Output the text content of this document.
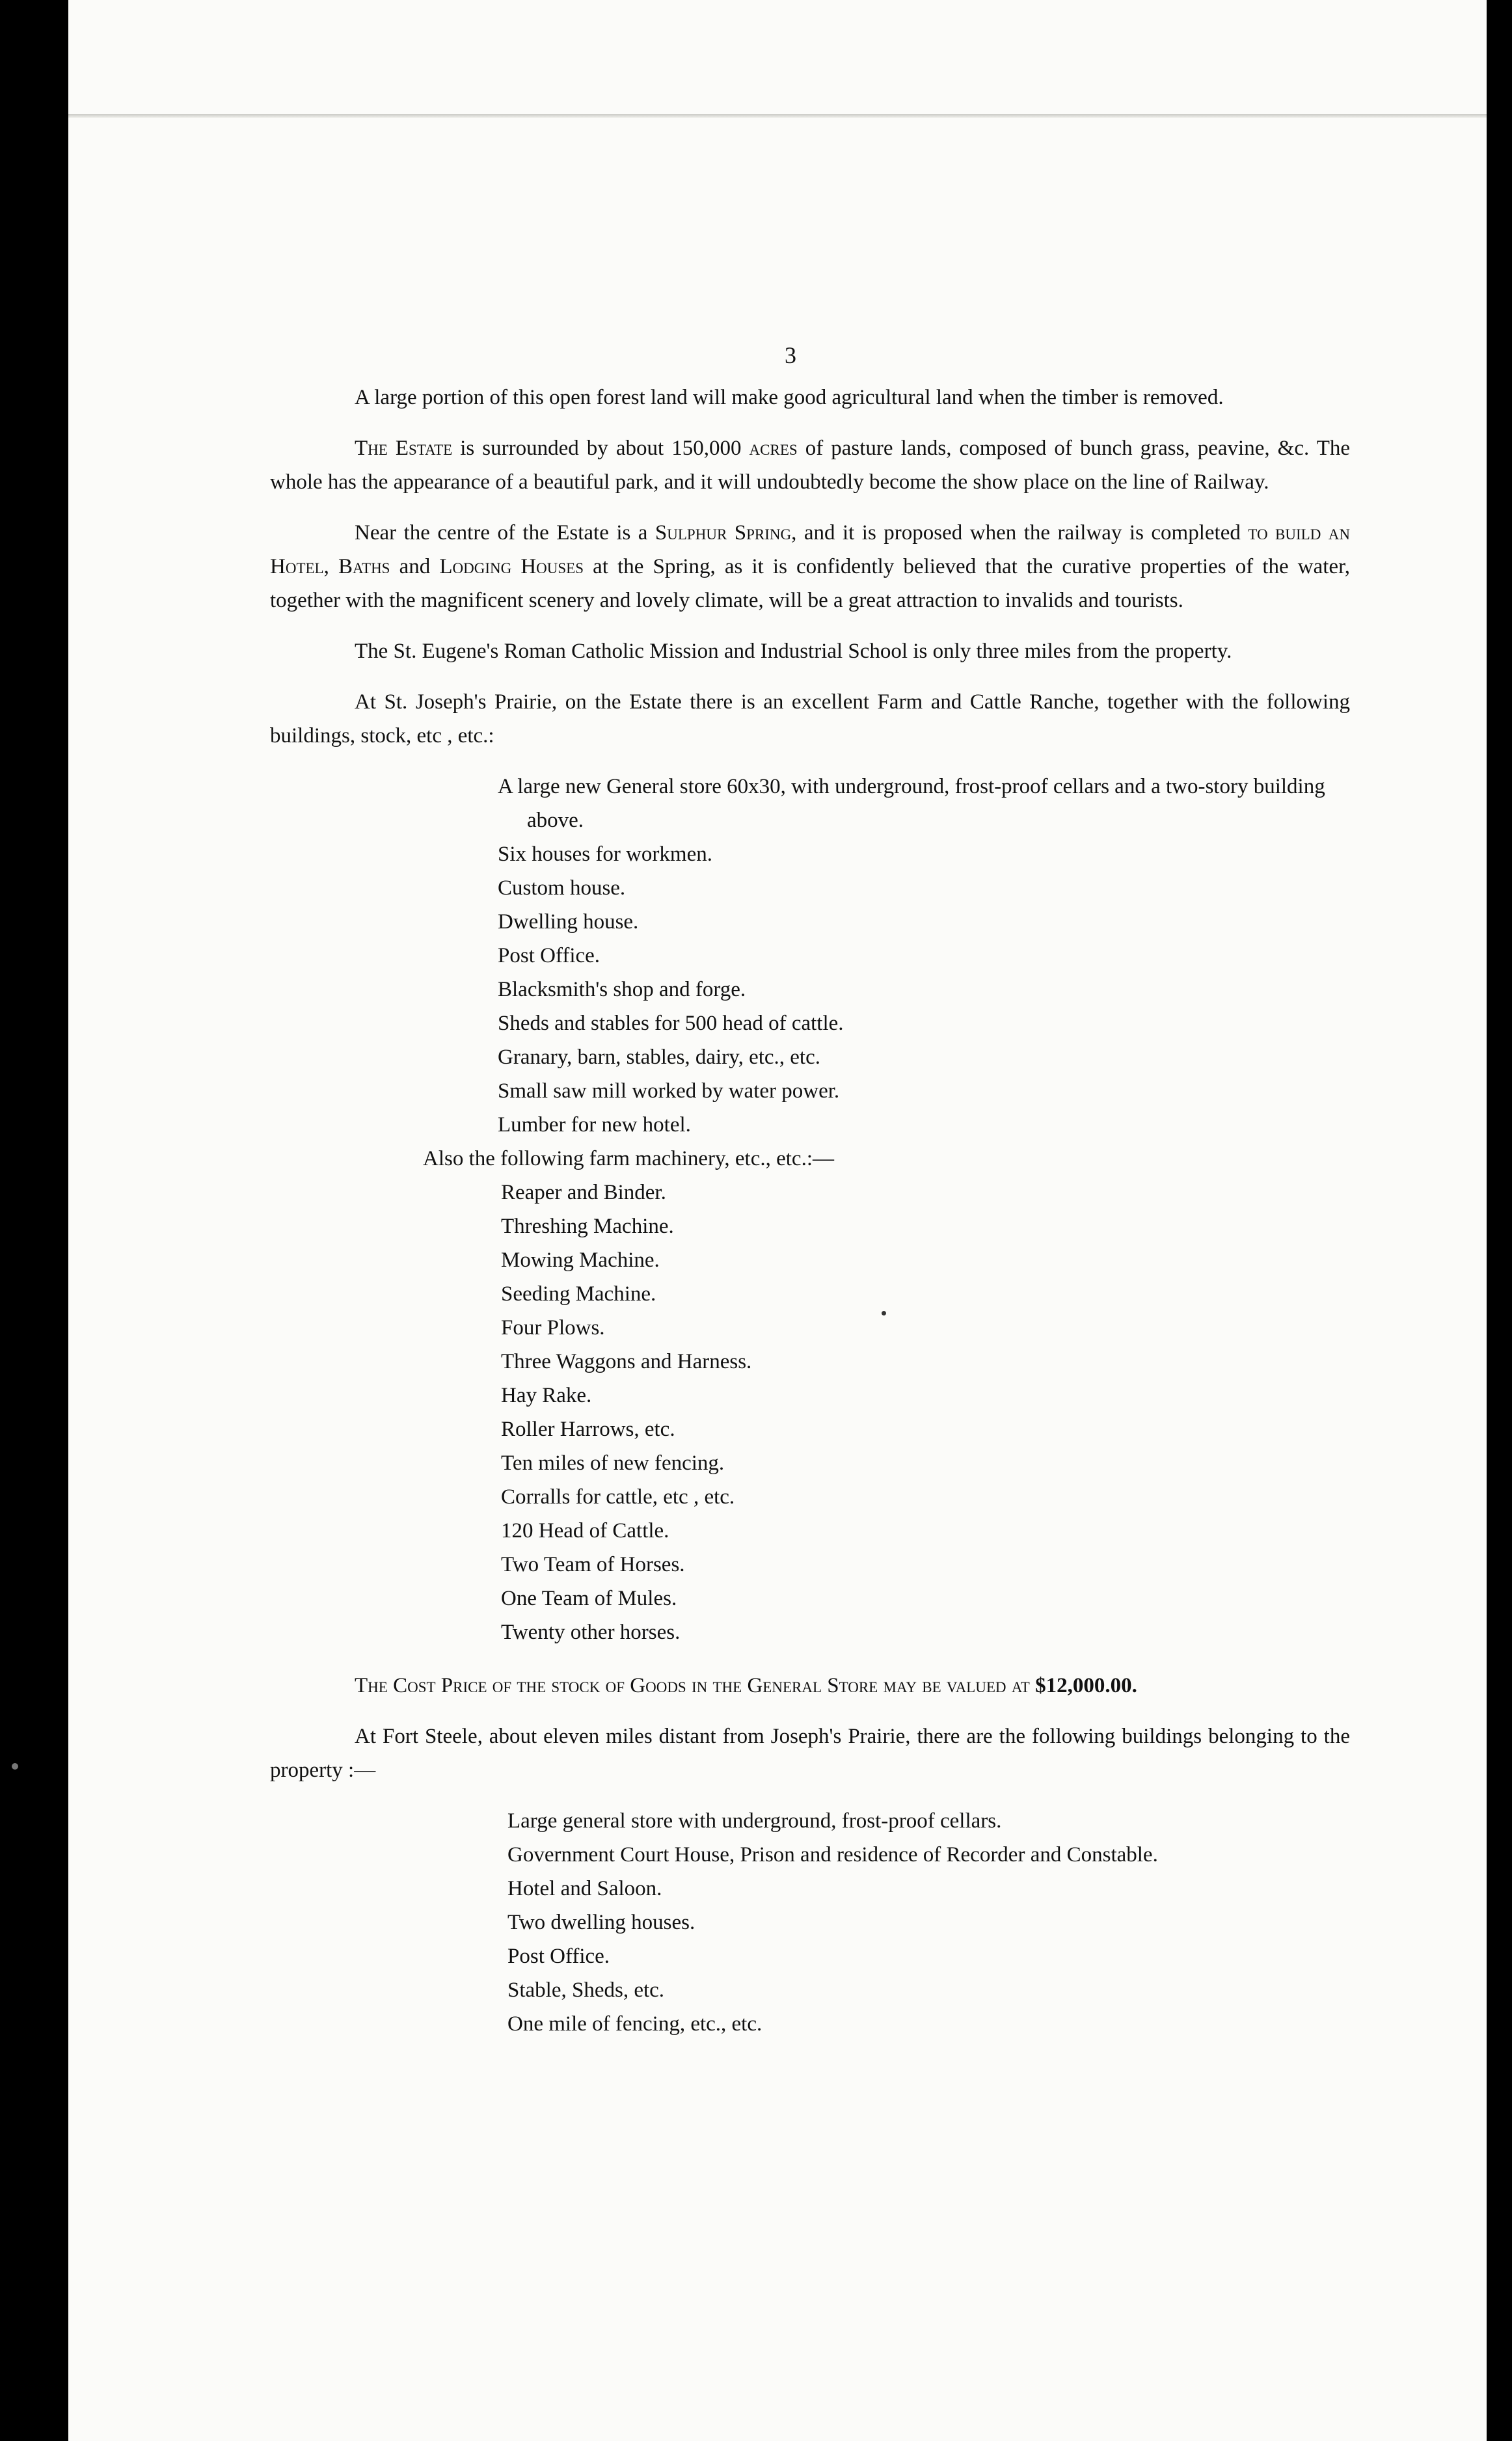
3

A large portion of this open forest land will make good agricultural land when the timber is removed.

The Estate is surrounded by about 150,000 acres of pasture lands, composed of bunch grass, peavine, &c. The whole has the appearance of a beautiful park, and it will undoubtedly become the show place on the line of Railway.

Near the centre of the Estate is a Sulphur Spring, and it is proposed when the railway is completed to build an Hotel, Baths and Lodging Houses at the Spring, as it is confidently believed that the curative properties of the water, together with the magnificent scenery and lovely climate, will be a great attraction to invalids and tourists.

The St. Eugene's Roman Catholic Mission and Industrial School is only three miles from the property.

At St. Joseph's Prairie, on the Estate there is an excellent Farm and Cattle Ranche, together with the following buildings, stock, etc , etc.:

A large new General store 60x30, with underground, frost-proof cellars and a two-story building above.
Six houses for workmen.
Custom house.
Dwelling house.
Post Office.
Blacksmith's shop and forge.
Sheds and stables for 500 head of cattle.
Granary, barn, stables, dairy, etc., etc.
Small saw mill worked by water power.
Lumber for new hotel.
Also the following farm machinery, etc., etc.:—
Reaper and Binder.
Threshing Machine.
Mowing Machine.
Seeding Machine.
Four Plows.
Three Waggons and Harness.
Hay Rake.
Roller Harrows, etc.
Ten miles of new fencing.
Corralls for cattle, etc , etc.
120 Head of Cattle.
Two Team of Horses.
One Team of Mules.
Twenty other horses.

The Cost Price of the stock of Goods in the General Store may be valued at $12,000.00.

At Fort Steele, about eleven miles distant from Joseph's Prairie, there are the following buildings belonging to the property :—

Large general store with underground, frost-proof cellars.
Government Court House, Prison and residence of Recorder and Constable.
Hotel and Saloon.
Two dwelling houses.
Post Office.
Stable, Sheds, etc.
One mile of fencing, etc., etc.
